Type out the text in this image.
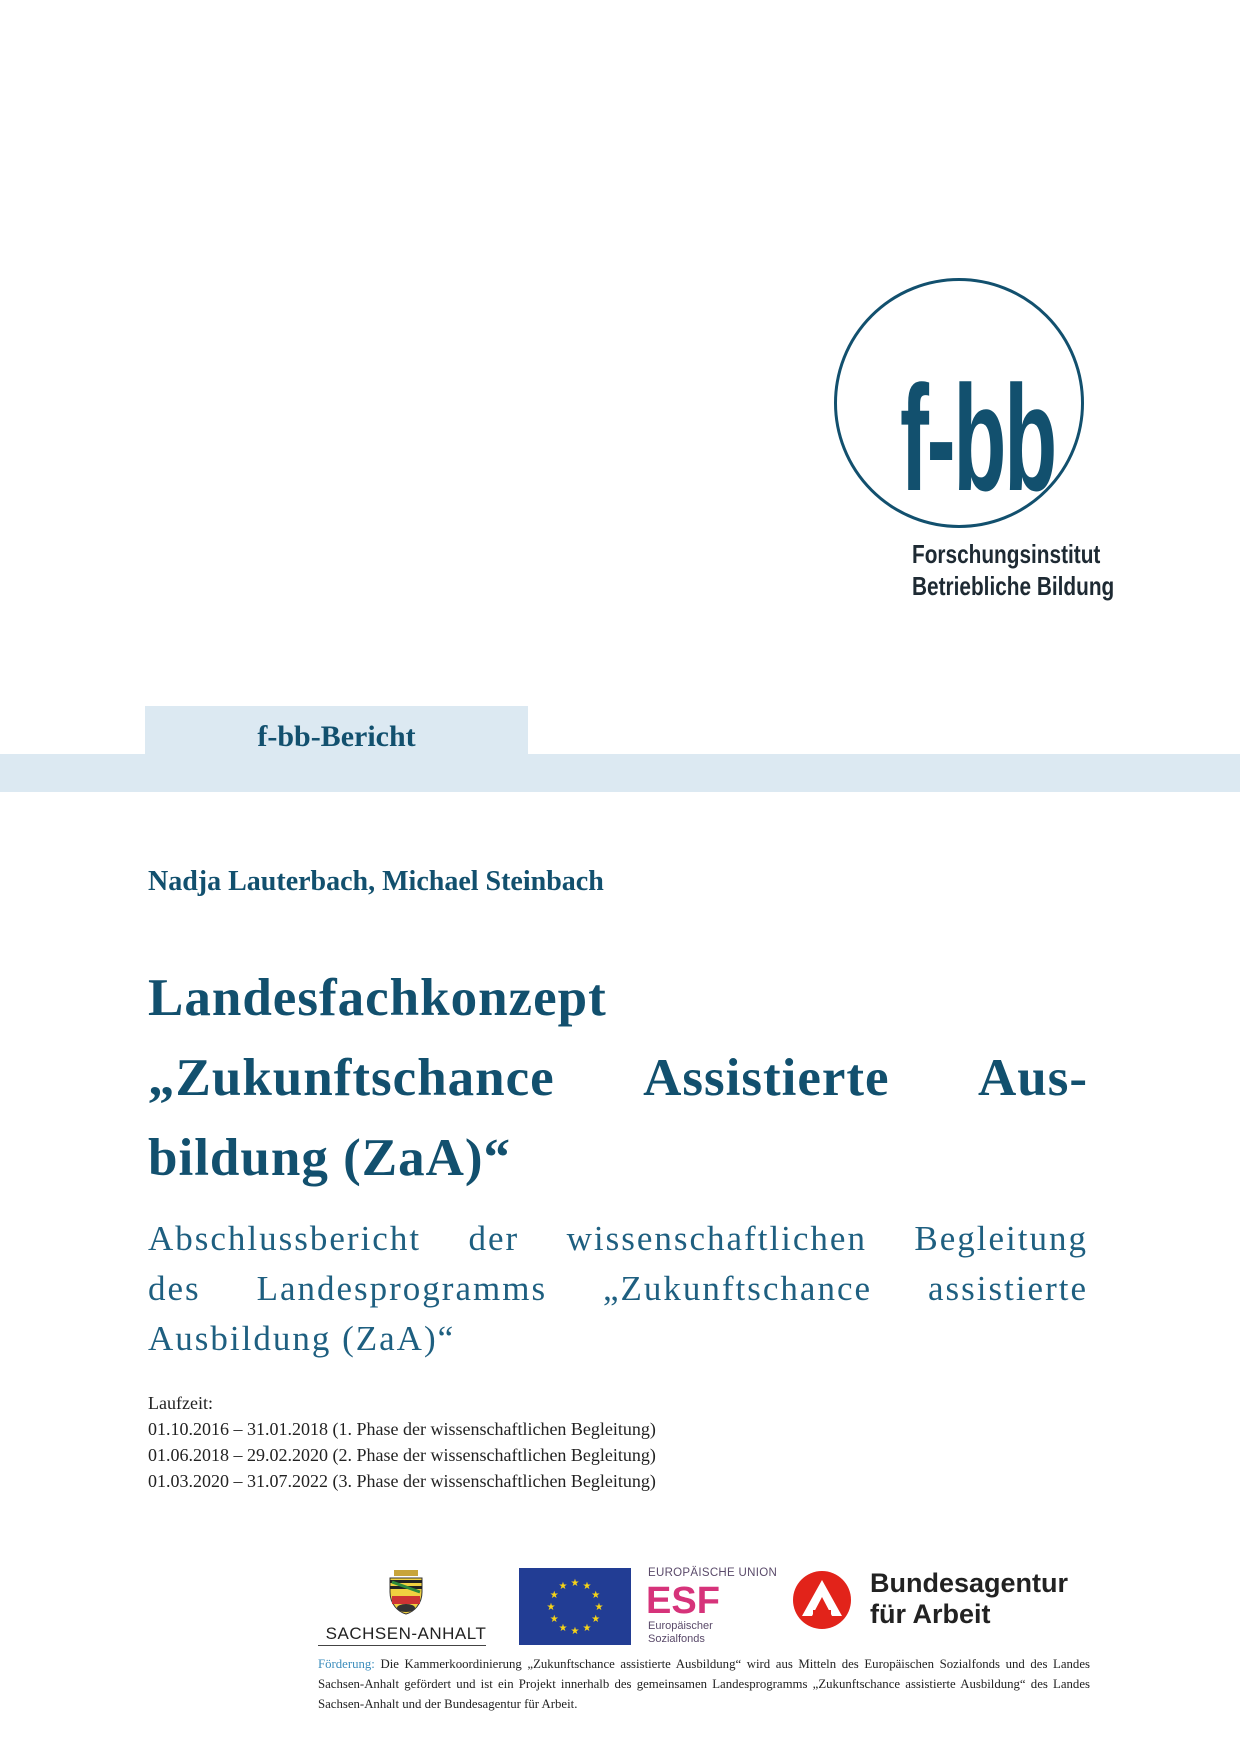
f-bb
Forschungsinstitut
Betriebliche Bildung
f-bb-Bericht
Nadja Lauterbach, Michael Steinbach
Landesfachkonzept
„Zukunftschance Assistierte Aus-
bildung (ZaA)“
Abschlussbericht der wissenschaftlichen Begleitung
des Landesprogramms „Zukunftschance assistierte
Ausbildung (ZaA)“
Laufzeit:
01.10.2016 – 31.01.2018 (1. Phase der wissenschaftlichen Begleitung)
01.06.2018 – 29.02.2020 (2. Phase der wissenschaftlichen Begleitung)
01.03.2020 – 31.07.2022 (3. Phase der wissenschaftlichen Begleitung)
SACHSEN-ANHALT
★ ★
★
★
★
★
★
★
★
★
★
★
EUROPÄISCHE UNION
ESF
Europäischer
Sozialfonds
Bundesagentur
für Arbeit
Förderung: Die Kammerkoordinierung „Zukunftschance assistierte Ausbildung“ wird aus Mitteln des Europäischen Sozialfonds und des Landes Sachsen-Anhalt gefördert und ist ein Projekt innerhalb des gemeinsamen Landesprogramms „Zukunftschance assistierte Ausbildung“ des Landes Sachsen-Anhalt und der Bundesagentur für Arbeit.
